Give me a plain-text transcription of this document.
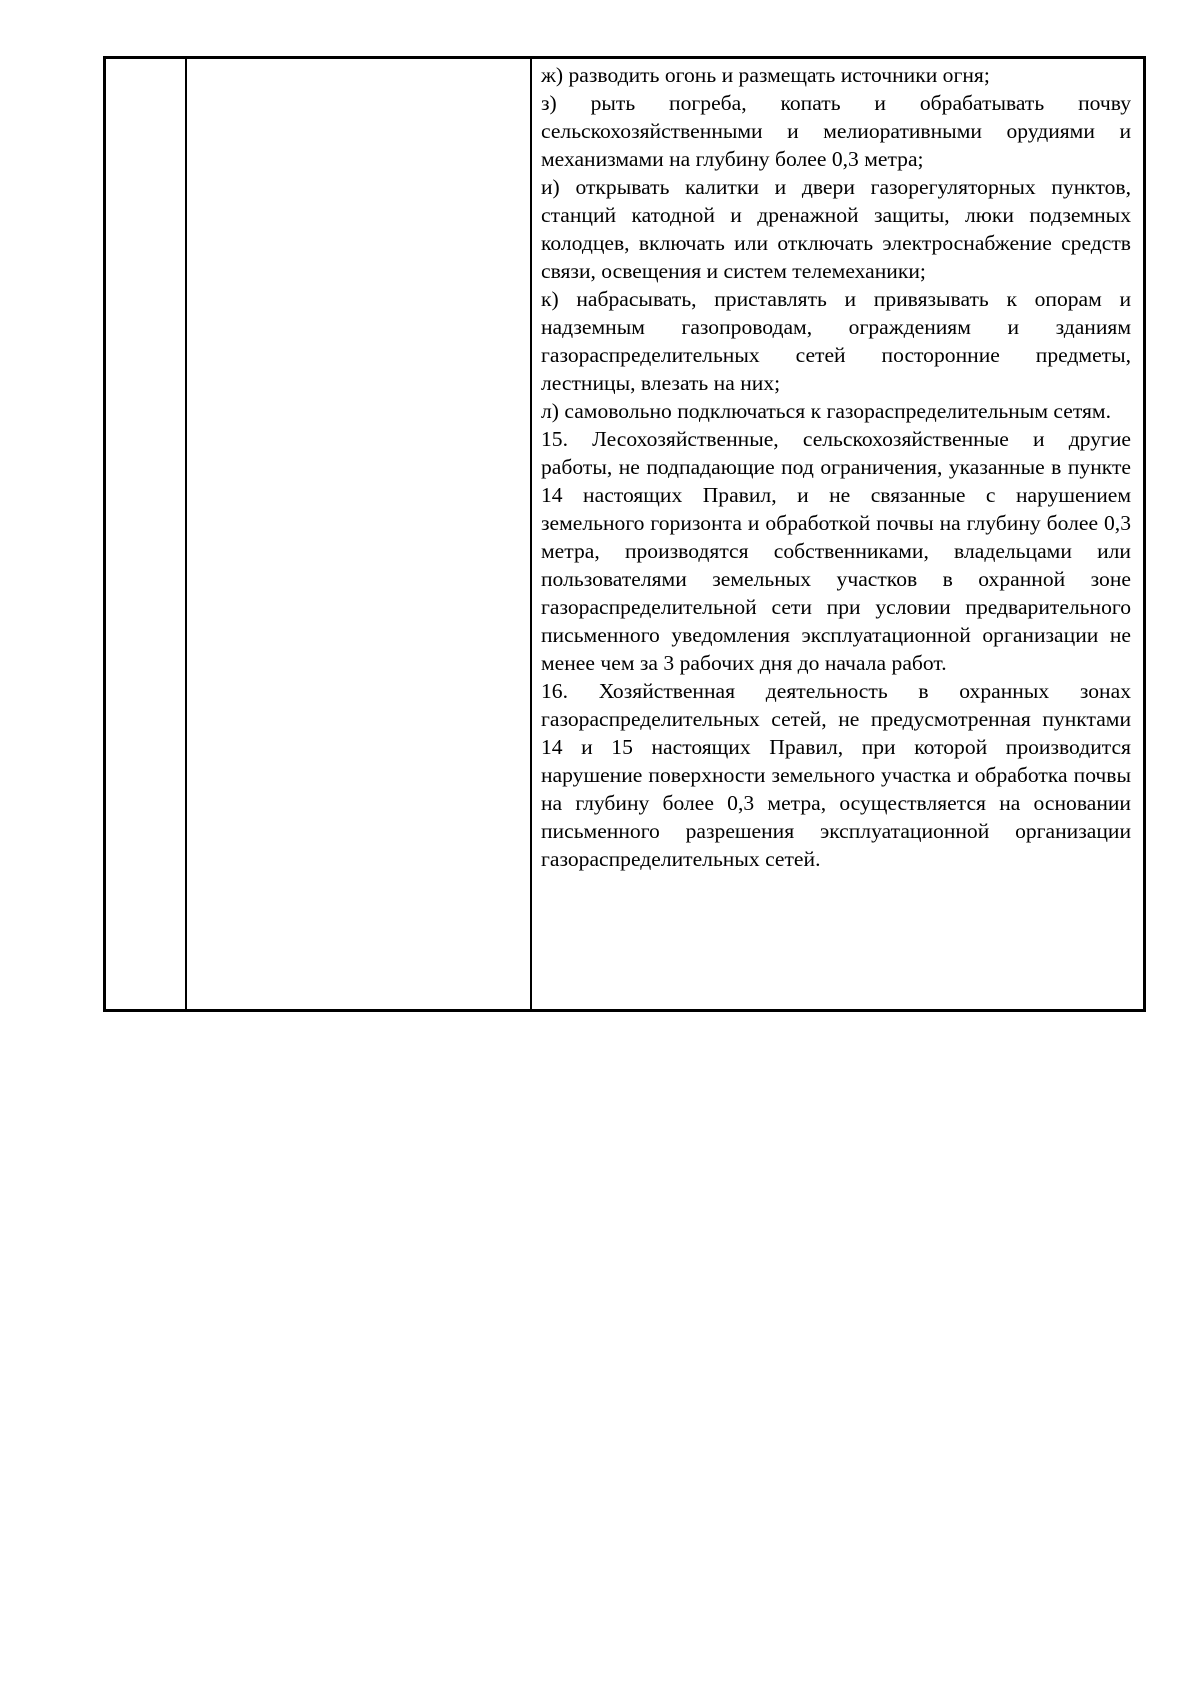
ж) разводить огонь и размещать источники огня;

з) рыть погреба, копать и обрабатывать почву сельскохозяйственными и мелиоративными орудиями и механизмами на глубину более 0,3 метра;

и) открывать калитки и двери газорегуляторных пунктов, станций катодной и дренажной защиты, люки подземных колодцев, включать или отключать электроснабжение средств связи, освещения и систем телемеханики;

к) набрасывать, приставлять и привязывать к опорам и надземным газопроводам, ограждениям и зданиям газораспределительных сетей посторонние предметы, лестницы, влезать на них;

л) самовольно подключаться к газораспределительным сетям.

15. Лесохозяйственные, сельскохозяйственные и другие работы, не подпадающие под ограничения, указанные в пункте 14 настоящих Правил, и не связанные с нарушением земельного горизонта и обработкой почвы на глубину более 0,3 метра, производятся собственниками, владельцами или пользователями земельных участков в охранной зоне газораспределительной сети при условии предварительного письменного уведомления эксплуатационной организации не менее чем за 3 рабочих дня до начала работ.

16. Хозяйственная деятельность в охранных зонах газораспределительных сетей, не предусмотренная пунктами 14 и 15 настоящих Правил, при которой производится нарушение поверхности земельного участка и обработка почвы на глубину более 0,3 метра, осуществляется на основании письменного разрешения эксплуатационной организации газораспределительных сетей.
